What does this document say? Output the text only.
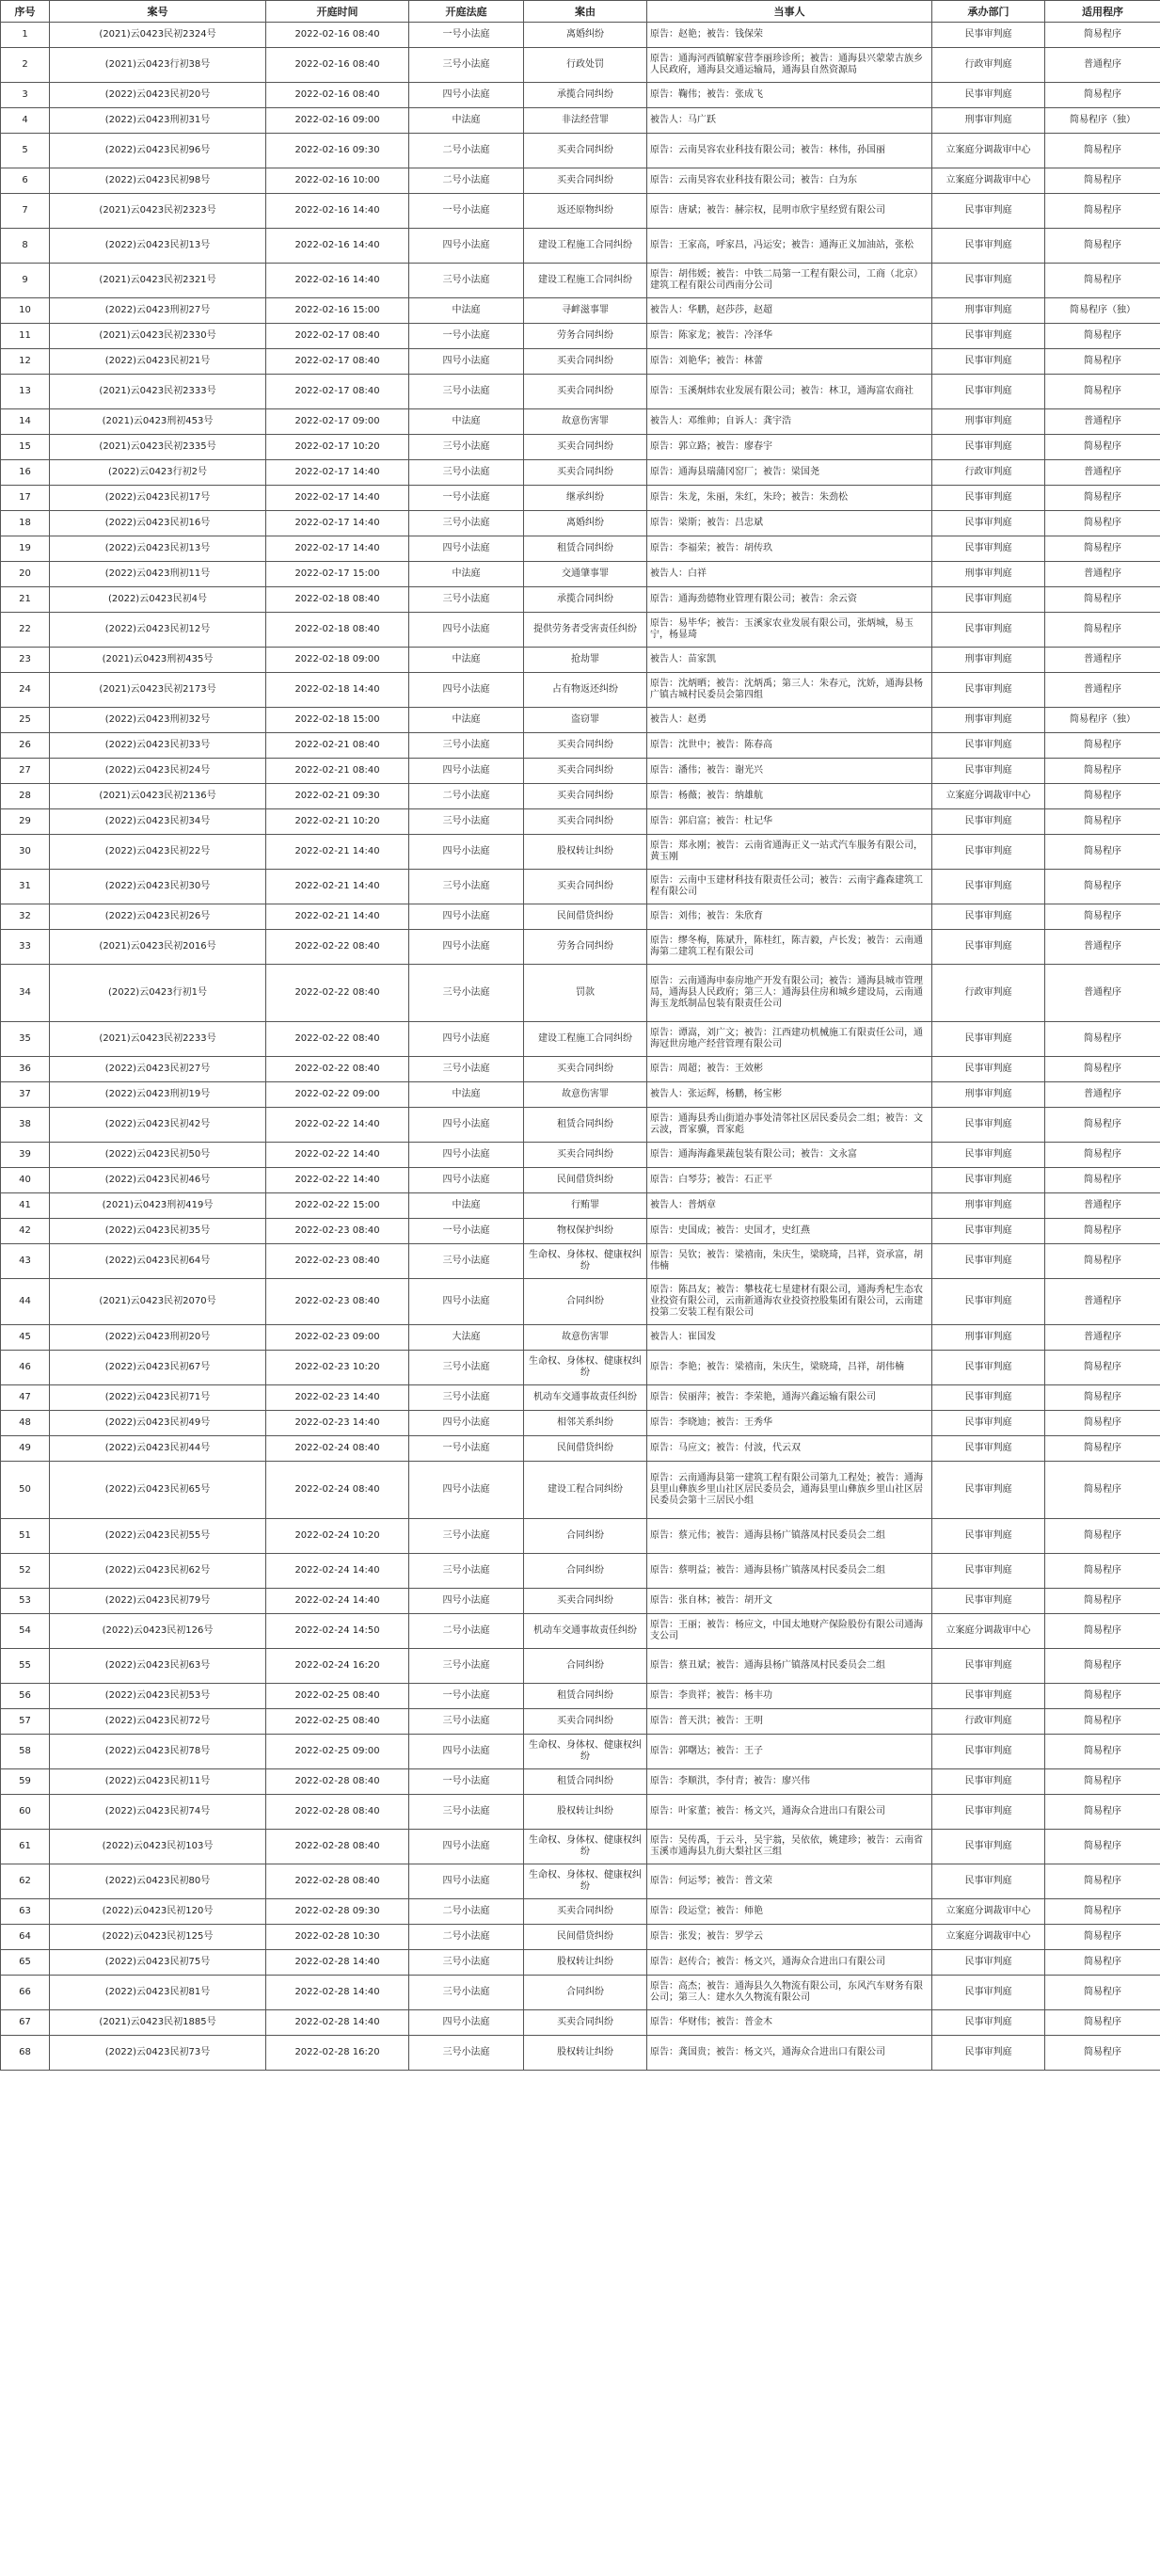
序号	案号	开庭时间	开庭法庭	案由	当事人	承办部门	适用程序
1	(2021)云0423民初2324号	2022-02-16 08:40	一号小法庭	离婚纠纷	原告：赵艳；被告：钱保荣	民事审判庭	简易程序
2	(2021)云0423行初38号	2022-02-16 08:40	三号小法庭	行政处罚	原告：通海河西镇解家营李丽珍诊所；被告：通海县兴蒙蒙古族乡人民政府，通海县交通运输局，通海县自然资源局	行政审判庭	普通程序
3	(2022)云0423民初20号	2022-02-16 08:40	四号小法庭	承揽合同纠纷	原告：鞠伟；被告：张成飞	民事审判庭	简易程序
4	(2022)云0423刑初31号	2022-02-16 09:00	中法庭	非法经营罪	被告人：马广跃	刑事审判庭	简易程序（独）
5	(2022)云0423民初96号	2022-02-16 09:30	二号小法庭	买卖合同纠纷	原告：云南昊容农业科技有限公司；被告：林伟，孙国丽	立案庭分调裁审中心	简易程序
6	(2022)云0423民初98号	2022-02-16 10:00	二号小法庭	买卖合同纠纷	原告：云南昊容农业科技有限公司；被告：白为东	立案庭分调裁审中心	简易程序
7	(2021)云0423民初2323号	2022-02-16 14:40	一号小法庭	返还原物纠纷	原告：唐斌；被告：赫宗权，昆明市欣宇星经贸有限公司	民事审判庭	简易程序
8	(2022)云0423民初13号	2022-02-16 14:40	四号小法庭	建设工程施工合同纠纷	原告：王家高，呼家昌，冯运安；被告：通海正义加油站，张松	民事审判庭	简易程序
9	(2021)云0423民初2321号	2022-02-16 14:40	三号小法庭	建设工程施工合同纠纷	原告：胡伟媛；被告：中铁二局第一工程有限公司，工商（北京）建筑工程有限公司西南分公司	民事审判庭	简易程序
10	(2022)云0423刑初27号	2022-02-16 15:00	中法庭	寻衅滋事罪	被告人：华鹏，赵莎莎，赵超	刑事审判庭	简易程序（独）
11	(2021)云0423民初2330号	2022-02-17 08:40	一号小法庭	劳务合同纠纷	原告：陈家龙；被告：冷泽华	民事审判庭	简易程序
12	(2022)云0423民初21号	2022-02-17 08:40	四号小法庭	买卖合同纠纷	原告：刘艳华；被告：林蕾	民事审判庭	简易程序
13	(2021)云0423民初2333号	2022-02-17 08:40	三号小法庭	买卖合同纠纷	原告：玉溪炯炜农业发展有限公司；被告：林卫，通海富农商社	民事审判庭	简易程序
14	(2021)云0423刑初453号	2022-02-17 09:00	中法庭	故意伤害罪	被告人：邓维帅；自诉人：龚宇浩	刑事审判庭	普通程序
15	(2021)云0423民初2335号	2022-02-17 10:20	三号小法庭	买卖合同纠纷	原告：郭立路；被告：廖春宇	民事审判庭	简易程序
16	(2022)云0423行初2号	2022-02-17 14:40	三号小法庭	买卖合同纠纷	原告：通海县瑞蒲冈窑厂；被告：梁国尧	行政审判庭	普通程序
17	(2022)云0423民初17号	2022-02-17 14:40	一号小法庭	继承纠纷	原告：朱龙，朱丽，朱红，朱玲；被告：朱劲松	民事审判庭	简易程序
18	(2022)云0423民初16号	2022-02-17 14:40	三号小法庭	离婚纠纷	原告：梁斯；被告：吕忠斌	民事审判庭	简易程序
19	(2022)云0423民初13号	2022-02-17 14:40	四号小法庭	租赁合同纠纷	原告：李福荣；被告：胡传玖	民事审判庭	简易程序
20	(2022)云0423刑初11号	2022-02-17 15:00	中法庭	交通肇事罪	被告人：白祥	刑事审判庭	普通程序
21	(2022)云0423民初4号	2022-02-18 08:40	三号小法庭	承揽合同纠纷	原告：通海劲德物业管理有限公司；被告：余云资	民事审判庭	简易程序
22	(2022)云0423民初12号	2022-02-18 08:40	四号小法庭	提供劳务者受害责任纠纷	原告：易毕华；被告：玉溪家农业发展有限公司，张炳城，易玉宁，杨显琦	民事审判庭	简易程序
23	(2021)云0423刑初435号	2022-02-18 09:00	中法庭	抢劫罪	被告人：苗家凯	刑事审判庭	普通程序
24	(2021)云0423民初2173号	2022-02-18 14:40	四号小法庭	占有物返还纠纷	原告：沈炳晒；被告：沈炳禹；第三人：朱春元，沈娇，通海县杨广镇古城村民委员会第四组	民事审判庭	普通程序
25	(2022)云0423刑初32号	2022-02-18 15:00	中法庭	盗窃罪	被告人：赵勇	刑事审判庭	简易程序（独）
26	(2022)云0423民初33号	2022-02-21 08:40	三号小法庭	买卖合同纠纷	原告：沈世中；被告：陈春高	民事审判庭	简易程序
27	(2022)云0423民初24号	2022-02-21 08:40	四号小法庭	买卖合同纠纷	原告：潘伟；被告：谢光兴	民事审判庭	简易程序
28	(2021)云0423民初2136号	2022-02-21 09:30	二号小法庭	买卖合同纠纷	原告：杨薇；被告：纳雄航	立案庭分调裁审中心	简易程序
29	(2022)云0423民初34号	2022-02-21 10:20	三号小法庭	买卖合同纠纷	原告：郭启富；被告：杜记华	民事审判庭	简易程序
30	(2022)云0423民初22号	2022-02-21 14:40	四号小法庭	股权转让纠纷	原告：郑永刚；被告：云南省通海正义一站式汽车服务有限公司，黄玉刚	民事审判庭	简易程序
31	(2022)云0423民初30号	2022-02-21 14:40	三号小法庭	买卖合同纠纷	原告：云南中玉建材科技有限责任公司；被告：云南宇鑫森建筑工程有限公司	民事审判庭	简易程序
32	(2022)云0423民初26号	2022-02-21 14:40	四号小法庭	民间借贷纠纷	原告：刘伟；被告：朱欣育	民事审判庭	简易程序
33	(2021)云0423民初2016号	2022-02-22 08:40	四号小法庭	劳务合同纠纷	原告：缪冬梅，陈斌升，陈桂红，陈吉毅，卢长发；被告：云南通海第二建筑工程有限公司	民事审判庭	普通程序
34	(2022)云0423行初1号	2022-02-22 08:40	三号小法庭	罚款	原告：云南通海申泰房地产开发有限公司；被告：通海县城市管理局，通海县人民政府；第三人：通海县住房和城乡建设局，云南通海玉龙纸制品包装有限责任公司	行政审判庭	普通程序
35	(2021)云0423民初2233号	2022-02-22 08:40	四号小法庭	建设工程施工合同纠纷	原告：谭嵩，刘广文；被告：江西建功机械施工有限责任公司，通海冠世房地产经营管理有限公司	民事审判庭	简易程序
36	(2022)云0423民初27号	2022-02-22 08:40	三号小法庭	买卖合同纠纷	原告：周超；被告：王效彬	民事审判庭	简易程序
37	(2022)云0423刑初19号	2022-02-22 09:00	中法庭	故意伤害罪	被告人：张运辉，杨鹏，杨宝彬	刑事审判庭	普通程序
38	(2022)云0423民初42号	2022-02-22 14:40	四号小法庭	租赁合同纠纷	原告：通海县秀山街道办事处清邻社区居民委员会二组；被告：文云波，晋家骥，晋家彪	民事审判庭	简易程序
39	(2022)云0423民初50号	2022-02-22 14:40	四号小法庭	买卖合同纠纷	原告：通海海鑫果蔬包装有限公司；被告：文永富	民事审判庭	简易程序
40	(2022)云0423民初46号	2022-02-22 14:40	四号小法庭	民间借贷纠纷	原告：白琴芬；被告：石正平	民事审判庭	简易程序
41	(2021)云0423刑初419号	2022-02-22 15:00	中法庭	行贿罪	被告人：普炳章	刑事审判庭	普通程序
42	(2022)云0423民初35号	2022-02-23 08:40	一号小法庭	物权保护纠纷	原告：史国成；被告：史国才，史红燕	民事审判庭	简易程序
43	(2022)云0423民初64号	2022-02-23 08:40	三号小法庭	生命权、身体权、健康权纠纷	原告：吴钦；被告：梁禧南，朱庆生，梁晓琦，吕祥，资承富，胡伟楠	民事审判庭	简易程序
44	(2021)云0423民初2070号	2022-02-23 08:40	四号小法庭	合同纠纷	原告：陈昌友；被告：攀枝花七星建材有限公司，通海秀杞生态农业投资有限公司，云南新通海农业投资控股集团有限公司，云南建投第二安装工程有限公司	民事审判庭	普通程序
45	(2022)云0423刑初20号	2022-02-23 09:00	大法庭	故意伤害罪	被告人：崔国发	刑事审判庭	普通程序
46	(2022)云0423民初67号	2022-02-23 10:20	三号小法庭	生命权、身体权、健康权纠纷	原告：李艳；被告：梁禧南，朱庆生，梁晓琦，吕祥，胡伟楠	民事审判庭	简易程序
47	(2022)云0423民初71号	2022-02-23 14:40	三号小法庭	机动车交通事故责任纠纷	原告：侯丽萍；被告：李荣艳，通海兴鑫运输有限公司	民事审判庭	简易程序
48	(2022)云0423民初49号	2022-02-23 14:40	四号小法庭	相邻关系纠纷	原告：李晓迪；被告：王秀华	民事审判庭	简易程序
49	(2022)云0423民初44号	2022-02-24 08:40	一号小法庭	民间借贷纠纷	原告：马应文；被告：付波，代云双	民事审判庭	简易程序
50	(2022)云0423民初65号	2022-02-24 08:40	四号小法庭	建设工程合同纠纷	原告：云南通海县第一建筑工程有限公司第九工程处；被告：通海县里山彝族乡里山社区居民委员会，通海县里山彝族乡里山社区居民委员会第十三居民小组	民事审判庭	简易程序
51	(2022)云0423民初55号	2022-02-24 10:20	三号小法庭	合同纠纷	原告：蔡元伟；被告：通海县杨广镇落凤村民委员会二组	民事审判庭	简易程序
52	(2022)云0423民初62号	2022-02-24 14:40	三号小法庭	合同纠纷	原告：蔡明益；被告：通海县杨广镇落凤村民委员会二组	民事审判庭	简易程序
53	(2022)云0423民初79号	2022-02-24 14:40	四号小法庭	买卖合同纠纷	原告：张自林；被告：胡开文	民事审判庭	简易程序
54	(2022)云0423民初126号	2022-02-24 14:50	二号小法庭	机动车交通事故责任纠纷	原告：王丽；被告：杨应文，中国太地财产保险股份有限公司通海支公司	立案庭分调裁审中心	简易程序
55	(2022)云0423民初63号	2022-02-24 16:20	三号小法庭	合同纠纷	原告：蔡丑斌；被告：通海县杨广镇落凤村民委员会二组	民事审判庭	简易程序
56	(2022)云0423民初53号	2022-02-25 08:40	一号小法庭	租赁合同纠纷	原告：李贵祥；被告：杨丰功	民事审判庭	简易程序
57	(2022)云0423民初72号	2022-02-25 08:40	三号小法庭	买卖合同纠纷	原告：普天洪；被告：王明	行政审判庭	简易程序
58	(2022)云0423民初78号	2022-02-25 09:00	四号小法庭	生命权、身体权、健康权纠纷	原告：郭曙达；被告：王子	民事审判庭	简易程序
59	(2022)云0423民初11号	2022-02-28 08:40	一号小法庭	租赁合同纠纷	原告：李顺洪，李付青；被告：廖兴伟	民事审判庭	简易程序
60	(2022)云0423民初74号	2022-02-28 08:40	三号小法庭	股权转让纠纷	原告：叶家董；被告：杨文兴，通海众合进出口有限公司	民事审判庭	简易程序
61	(2022)云0423民初103号	2022-02-28 08:40	四号小法庭	生命权、身体权、健康权纠纷	原告：吴传禹，于云斗，吴宇翁，吴依依，姚建珍；被告：云南省玉溪市通海县九街大梨社区三组	民事审判庭	简易程序
62	(2022)云0423民初80号	2022-02-28 08:40	四号小法庭	生命权、身体权、健康权纠纷	原告：何运琴；被告：普文荣	民事审判庭	简易程序
63	(2022)云0423民初120号	2022-02-28 09:30	二号小法庭	买卖合同纠纷	原告：段运堂；被告：师艳	立案庭分调裁审中心	简易程序
64	(2022)云0423民初125号	2022-02-28 10:30	二号小法庭	民间借贷纠纷	原告：张发；被告：罗学云	立案庭分调裁审中心	简易程序
65	(2022)云0423民初75号	2022-02-28 14:40	三号小法庭	股权转让纠纷	原告：赵传合；被告：杨文兴，通海众合进出口有限公司	民事审判庭	简易程序
66	(2022)云0423民初81号	2022-02-28 14:40	三号小法庭	合同纠纷	原告：高杰；被告：通海县久久物流有限公司，东风汽车财务有限公司；第三人：建水久久物流有限公司	民事审判庭	简易程序
67	(2021)云0423民初1885号	2022-02-28 14:40	四号小法庭	买卖合同纠纷	原告：华财伟；被告：普金木	民事审判庭	简易程序
68	(2022)云0423民初73号	2022-02-28 16:20	三号小法庭	股权转让纠纷	原告：龚国贵；被告：杨文兴，通海众合进出口有限公司	民事审判庭	简易程序
